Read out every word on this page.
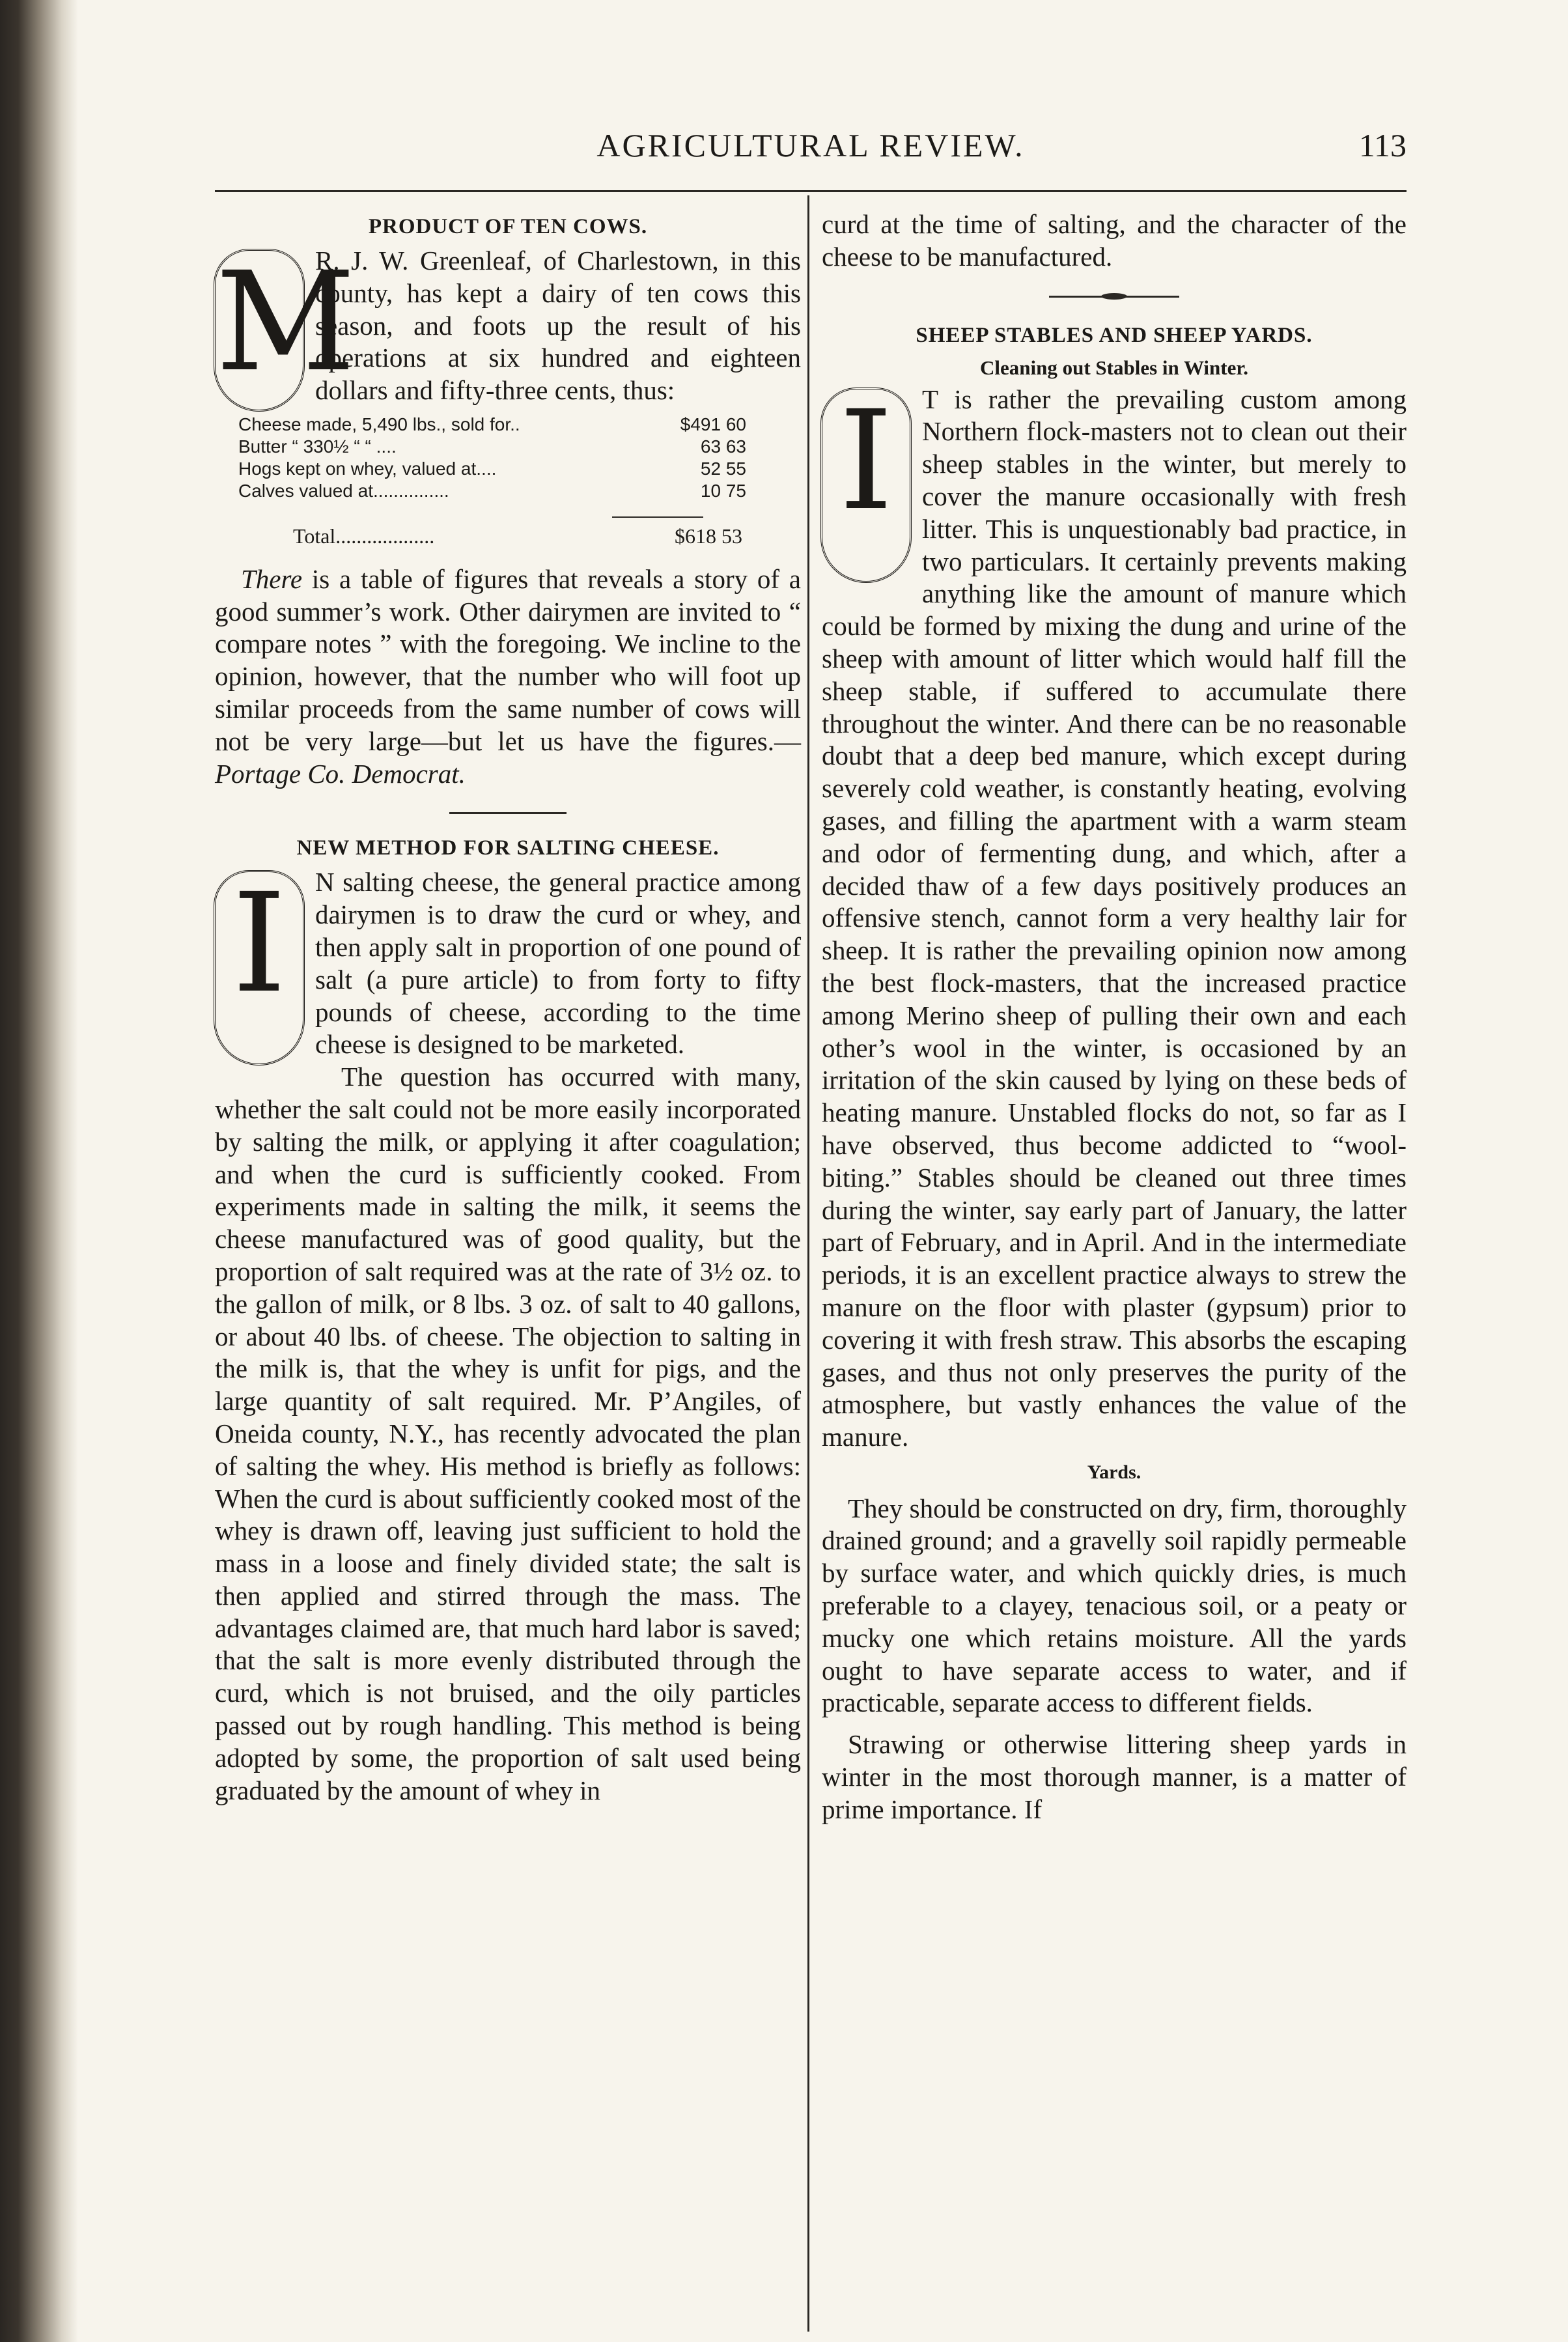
AGRICULTURAL REVIEW.	113
PRODUCT OF TEN COWS.

M
R. J. W. Greenleaf, of Charlestown, in this county, has kept a dairy of ten cows this season, and foots up the result of his operations at six hundred and eighteen dollars and fifty-three cents, thus:

Cheese made, 5,490 lbs., sold for..	$491 60
Butter “ 330½ “ “ ....	63 63
Hogs kept on whey, valued at....	52 55
Calves valued at...............	10 75
Total...................	$618 53

There is a table of figures that reveals a story of a good summer’s work. Other dairymen are invited to “ compare notes ” with the foregoing. We incline to the opinion, however, that the number who will foot up similar proceeds from the same number of cows will not be very large—but let us have the figures.—Portage Co. Democrat.

NEW METHOD FOR SALTING CHEESE.

I	N salting cheese, the general practice among dairymen is to draw the curd or whey, and then apply salt in proportion of one pound of salt (a pure article) to from forty to fifty pounds of cheese, according to the time cheese is designed to be marketed.

The question has occurred with many, whether the salt could not be more easily incorporated by salting the milk, or applying it after coagulation; and when the curd is sufficiently cooked. From experiments made in salting the milk, it seems the cheese manufactured was of good quality, but the proportion of salt required was at the rate of 3½ oz. to the gallon of milk, or 8 lbs. 3 oz. of salt to 40 gallons, or about 40 lbs. of cheese. The objection to salting in the milk is, that the whey is unfit for pigs, and the large quantity of salt required. Mr. P’Angiles, of Oneida county, N.Y., has recently advocated the plan of salting the whey. His method is briefly as follows: When the curd is about sufficiently cooked most of the whey is drawn off, leaving just sufficient to hold the mass in a loose and finely divided state; the salt is then applied and stirred through the mass. The advantages claimed are, that much hard labor is saved; that the salt is more evenly distributed through the curd, which is not bruised, and the oily particles passed out by rough handling. This method is being adopted by some, the proportion of salt used being graduated by the amount of whey in

curd at the time of salting, and the character of the cheese to be manufactured.

SHEEP STABLES AND SHEEP YARDS.
Cleaning out Stables in Winter.

I	T is rather the prevailing custom among Northern flock-masters not to clean out their sheep stables in the winter, but merely to cover the manure occasionally with fresh litter. This is unquestionably bad practice, in two particulars. It certainly prevents making anything like the amount of manure which could be formed by mixing the dung and urine of the sheep with amount of litter which would half fill the sheep stable, if suffered to accumulate there throughout the winter. And there can be no reasonable doubt that a deep bed manure, which except during severely cold weather, is constantly heating, evolving gases, and filling the apartment with a warm steam and odor of fermenting dung, and which, after a decided thaw of a few days positively produces an offensive stench, cannot form a very healthy lair for sheep. It is rather the prevailing opinion now among the best flock-masters, that the increased practice among Merino sheep of pulling their own and each other’s wool in the winter, is occasioned by an irritation of the skin caused by lying on these beds of heating manure. Unstabled flocks do not, so far as I have observed, thus become addicted to “wool-biting.” Stables should be cleaned out three times during the winter, say early part of January, the latter part of February, and in April. And in the intermediate periods, it is an excellent practice always to strew the manure on the floor with plaster (gypsum) prior to covering it with fresh straw. This absorbs the escaping gases, and thus not only preserves the purity of the atmosphere, but vastly enhances the value of the manure.

Yards.

They should be constructed on dry, firm, thoroughly drained ground; and a gravelly soil rapidly permeable by surface water, and which quickly dries, is much preferable to a clayey, tenacious soil, or a peaty or mucky one which retains moisture. All the yards ought to have separate access to water, and if practicable, separate access to different fields.

Strawing or otherwise littering sheep yards in winter in the most thorough manner, is a matter of prime importance. If
